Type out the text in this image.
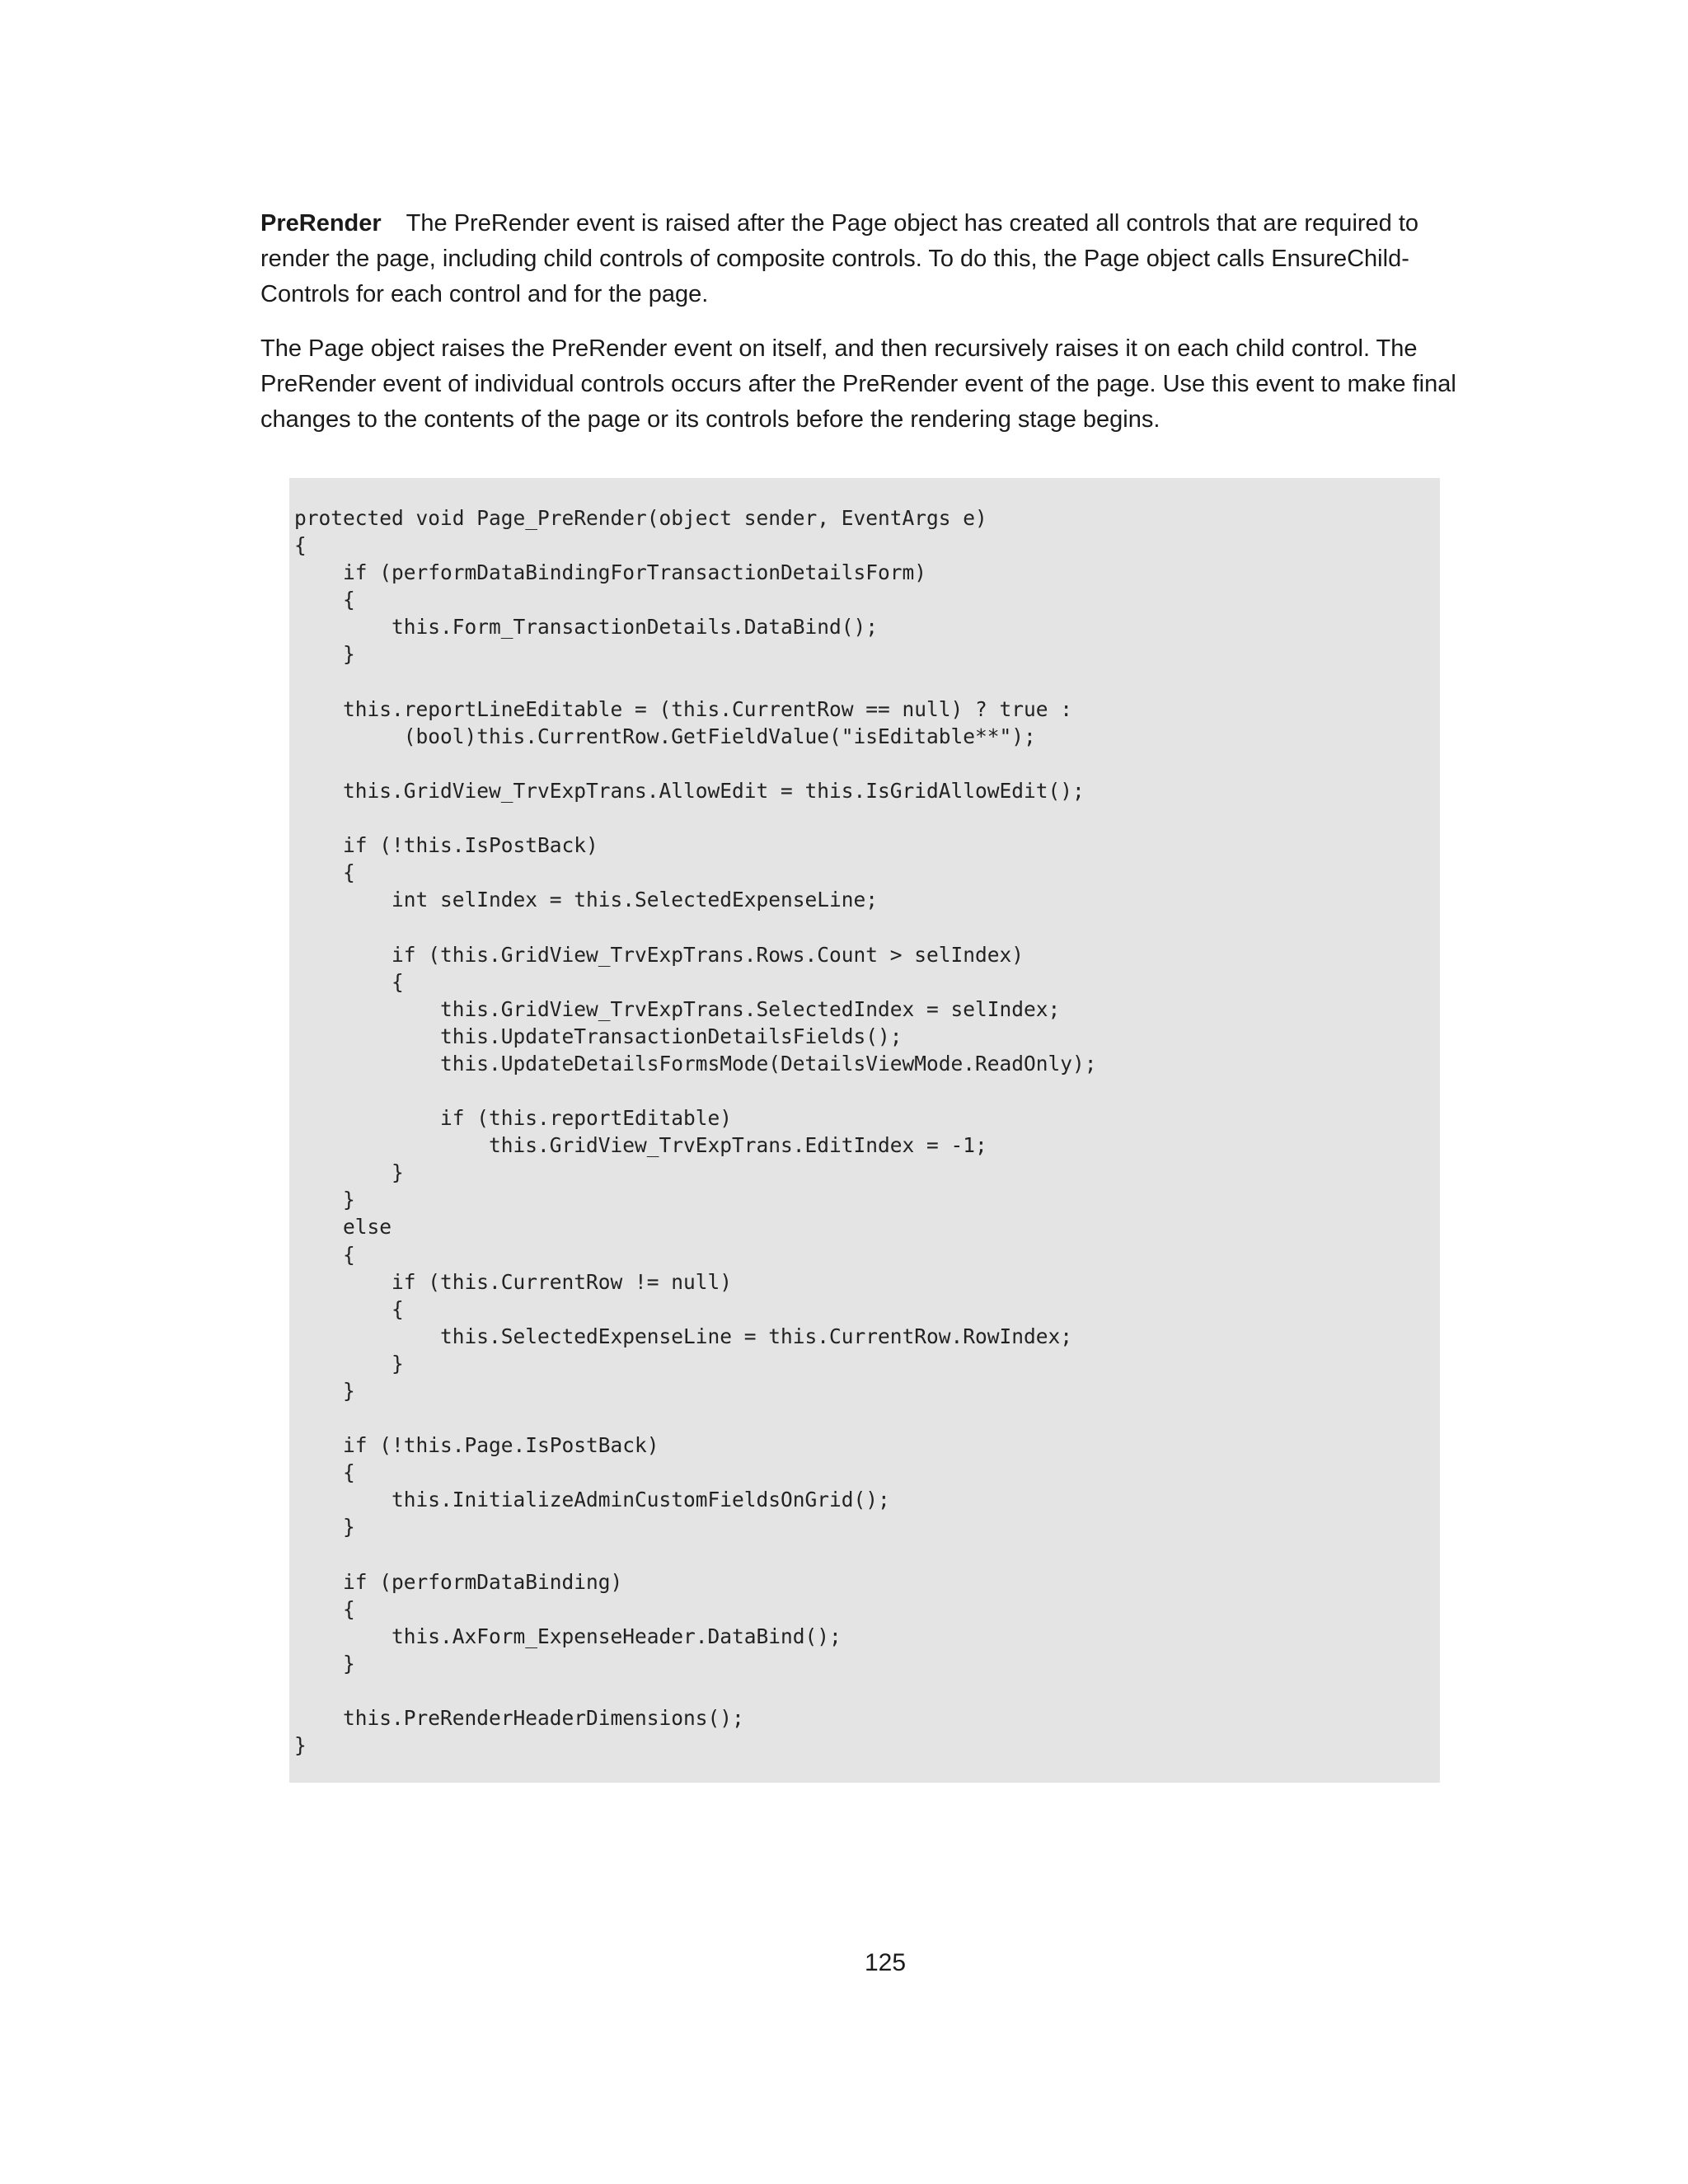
PreRender The PreRender event is raised after the Page object has created all controls that are required to render the page, including child controls of composite controls. To do this, the Page object calls EnsureChild-Controls for each control and for the page.
The Page object raises the PreRender event on itself, and then recursively raises it on each child control. The PreRender event of individual controls occurs after the PreRender event of the page. Use this event to make final changes to the contents of the page or its controls before the rendering stage begins.
protected void Page_PreRender(object sender, EventArgs e)
{
if (performDataBindingForTransactionDetailsForm)
{
this.Form_TransactionDetails.DataBind();
}

this.reportLineEditable = (this.CurrentRow == null) ? true :
(bool)this.CurrentRow.GetFieldValue("isEditable**");

this.GridView_TrvExpTrans.AllowEdit = this.IsGridAllowEdit();

if (!this.IsPostBack)
{
int selIndex = this.SelectedExpenseLine;

if (this.GridView_TrvExpTrans.Rows.Count > selIndex)
{
this.GridView_TrvExpTrans.SelectedIndex = selIndex;
this.UpdateTransactionDetailsFields();
this.UpdateDetailsFormsMode(DetailsViewMode.ReadOnly);

if (this.reportEditable)
this.GridView_TrvExpTrans.EditIndex = -1;
}
}
else
{
if (this.CurrentRow != null)
{
this.SelectedExpenseLine = this.CurrentRow.RowIndex;
}
}

if (!this.Page.IsPostBack)
{
this.InitializeAdminCustomFieldsOnGrid();
}

if (performDataBinding)
{
this.AxForm_ExpenseHeader.DataBind();
}

this.PreRenderHeaderDimensions();
}
125
